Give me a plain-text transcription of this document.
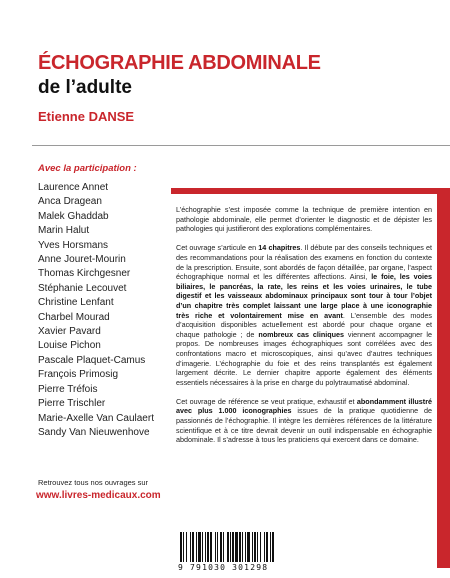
ÉCHOGRAPHIE ABDOMINALE
de l’adulte
Etienne DANSE
Avec la participation :
Laurence Annet
Anca Dragean
Malek Ghaddab
Marin Halut
Yves Horsmans
Anne Jouret-Mourin
Thomas Kirchgesner
Stéphanie Lecouvet
Christine Lenfant
Charbel Mourad
Xavier Pavard
Louise Pichon
Pascale Plaquet-Camus
François Primosig
Pierre Tréfois
Pierre Trischler
Marie-Axelle Van Caulaert
Sandy Van Nieuwenhove
Retrouvez tous nos ouvrages sur
www.livres-medicaux.com

L’échographie s’est imposée comme la technique de première intention en pathologie abdominale, elle permet d’orienter le diagnostic et de dépister les pathologies qui justifieront des explorations complémentaires.

Cet ouvrage s’articule en 14 chapitres. Il débute par des conseils techniques et des recommandations pour la réalisation des examens en fonction du contexte de la prescription. Ensuite, sont abordés de façon détaillée, par organe, l’aspect échographique normal et les différentes affections. Ainsi, le foie, les voies biliaires, le pancréas, la rate, les reins et les voies urinaires, le tube digestif et les vaisseaux abdominaux principaux sont tour à tour l’objet d’un chapitre très complet laissant une large place à une iconographie très riche et volontairement mise en avant. L’ensemble des modes d’acquisition disponibles actuellement est abordé pour chaque organe et chaque pathologie ; de nombreux cas cliniques viennent accompagner le propos. De nombreuses images échographiques sont corrélées avec des confrontations macro et microscopiques, ainsi qu’avec d’autres techniques d’imagerie. L’échographie du foie et des reins transplantés est également largement décrite. Le dernier chapitre apporte également des éléments essentiels nécessaires à la prise en charge du polytraumatisé abdominal.

Cet ouvrage de référence se veut pratique, exhaustif et abondamment illustré avec plus 1.000 iconographies issues de la pratique quotidienne de passionnés de l’échographie. Il intègre les dernières références de la littérature scientifique et à ce titre devrait devenir un outil indispensable en échographie abdominale. Il s’adresse à tous les praticiens qui exercent dans ce domaine.

9 791030 301298
